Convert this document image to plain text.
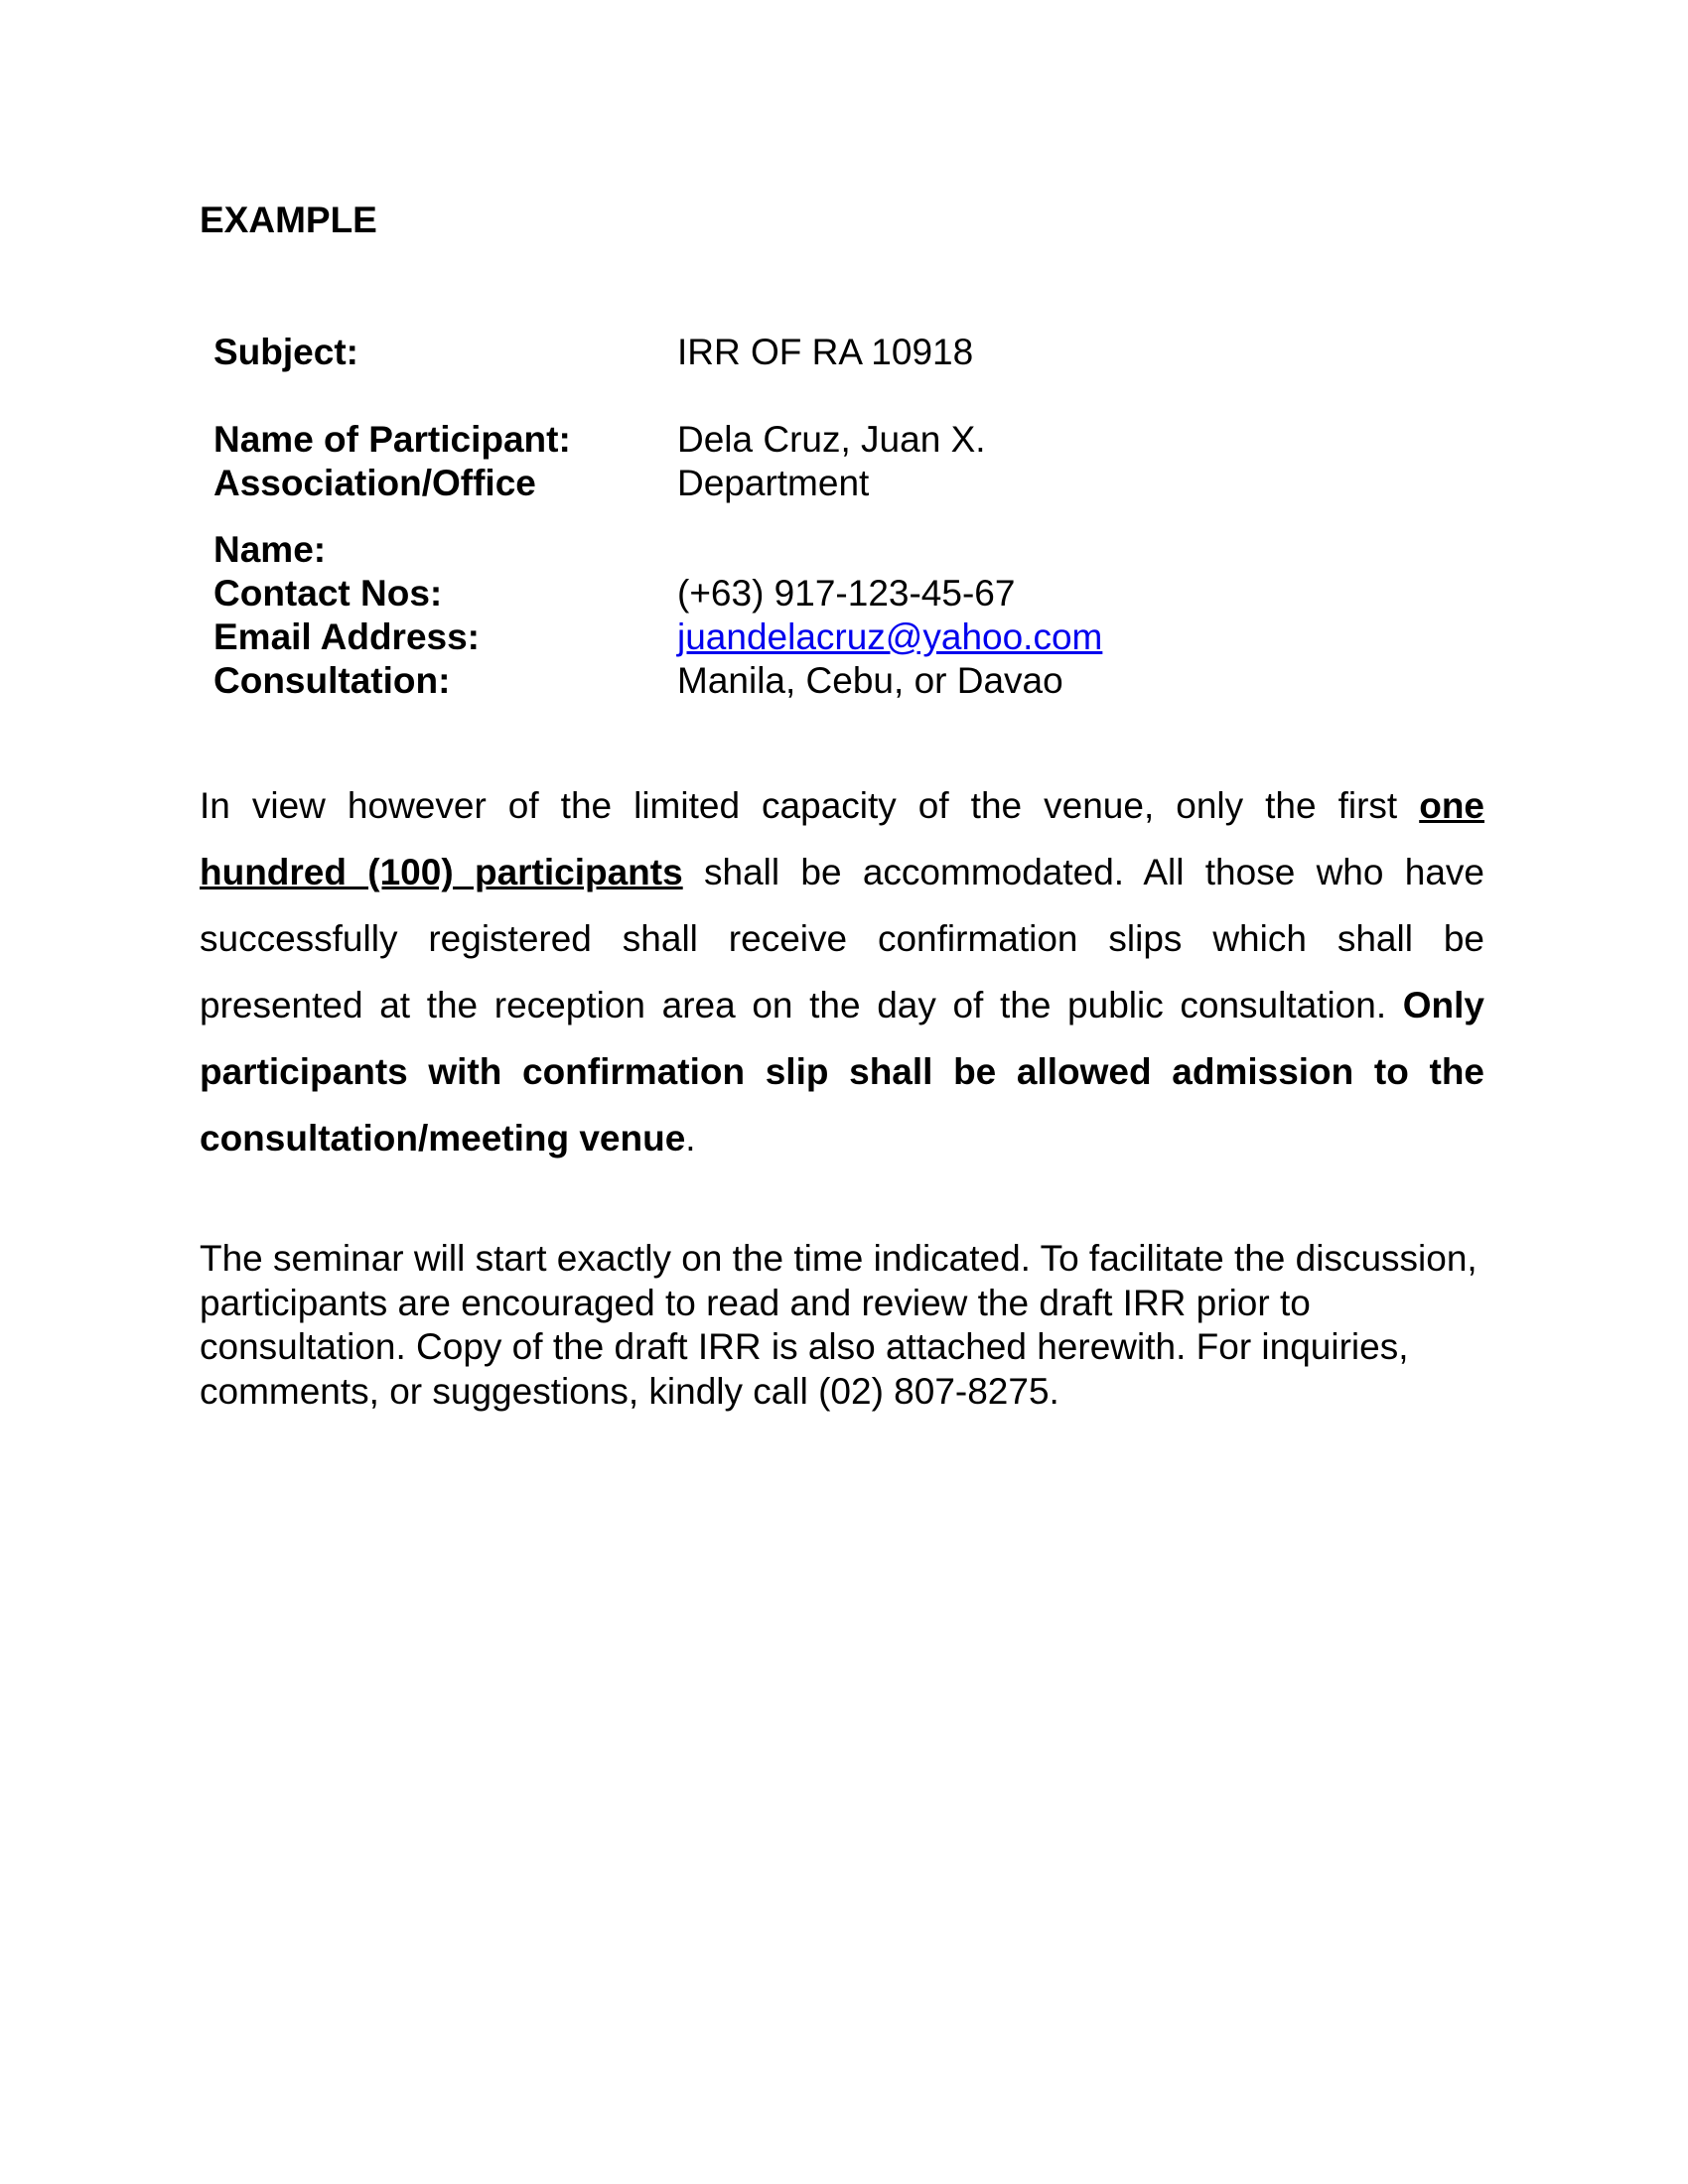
EXAMPLE
Subject:	IRR OF RA 10918
Name of Participant:	Dela Cruz, Juan X.
Association/Office	Department
Name:
Contact Nos:	(+63) 917-123-45-67
Email Address:	juandelacruz@yahoo.com
Consultation:	Manila, Cebu, or Davao

In view however of the limited capacity of the venue, only the first one hundred (100) participants shall be accommodated. All those who have successfully registered shall receive confirmation slips which shall be presented at the reception area on the day of the public consultation. Only participants with confirmation slip shall be allowed admission to the consultation/meeting venue.

The seminar will start exactly on the time indicated. To facilitate the discussion, participants are encouraged to read and review the draft IRR prior to consultation. Copy of the draft IRR is also attached herewith. For inquiries, comments, or suggestions, kindly call (02) 807-8275.
